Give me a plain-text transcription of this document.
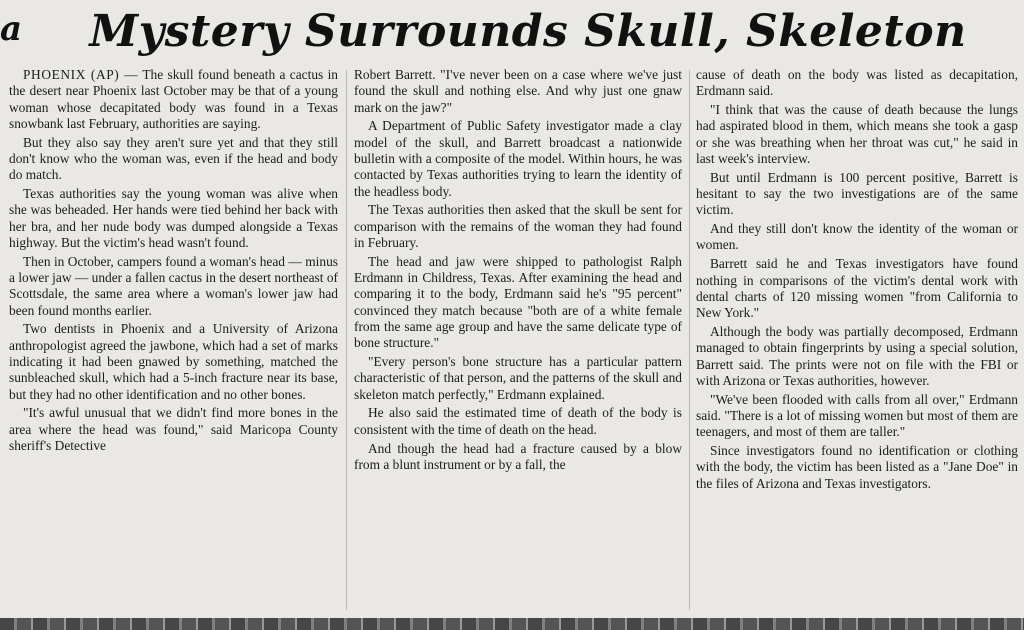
a	Mystery Surrounds Skull, Skeleton

PHOENIX (AP) — The skull found beneath a cactus in the desert near Phoenix last October may be that of a young woman whose decapitated body was found in a Texas snowbank last February, authorities are saying.

But they also say they aren't sure yet and that they still don't know who the woman was, even if the head and body do match.

Texas authorities say the young woman was alive when she was beheaded. Her hands were tied behind her back with her bra, and her nude body was dumped alongside a Texas highway. But the victim's head wasn't found.

Then in October, campers found a woman's head — minus a lower jaw — under a fallen cactus in the desert northeast of Scottsdale, the same area where a woman's lower jaw had been found months earlier.

Two dentists in Phoenix and a University of Arizona anthropologist agreed the jawbone, which had a set of marks indicating it had been gnawed by something, matched the sunbleached skull, which had a 5-inch fracture near its base, but they had no other identification and no other bones.

"It's awful unusual that we didn't find more bones in the area where the head was found," said Maricopa County sheriff's Detective

Robert Barrett. "I've never been on a case where we've just found the skull and nothing else. And why just one gnaw mark on the jaw?"

A Department of Public Safety investigator made a clay model of the skull, and Barrett broadcast a nationwide bulletin with a composite of the model. Within hours, he was contacted by Texas authorities trying to learn the identity of the headless body.

The Texas authorities then asked that the skull be sent for comparison with the remains of the woman they had found in February.

The head and jaw were shipped to pathologist Ralph Erdmann in Childress, Texas. After examining the head and comparing it to the body, Erdmann said he's "95 percent" convinced they match because "both are of a white female from the same age group and have the same delicate type of bone structure."

"Every person's bone structure has a particular pattern characteristic of that person, and the patterns of the skull and skeleton match perfectly," Erdmann explained.

He also said the estimated time of death of the body is consistent with the time of death on the head.

And though the head had a fracture caused by a blow from a blunt instrument or by a fall, the

cause of death on the body was listed as decapitation, Erdmann said.

"I think that was the cause of death because the lungs had aspirated blood in them, which means she took a gasp or she was breathing when her throat was cut," he said in last week's interview.

But until Erdmann is 100 percent positive, Barrett is hesitant to say the two investigations are of the same victim.

And they still don't know the identity of the woman or women.

Barrett said he and Texas investigators have found nothing in comparisons of the victim's dental work with dental charts of 120 missing women "from California to New York."

Although the body was partially decomposed, Erdmann managed to obtain fingerprints by using a special solution, Barrett said. The prints were not on file with the FBI or with Arizona or Texas authorities, however.

"We've been flooded with calls from all over," Erdmann said. "There is a lot of missing women but most of them are teenagers, and most of them are taller."

Since investigators found no identification or clothing with the body, the victim has been listed as a "Jane Doe" in the files of Arizona and Texas investigators.
